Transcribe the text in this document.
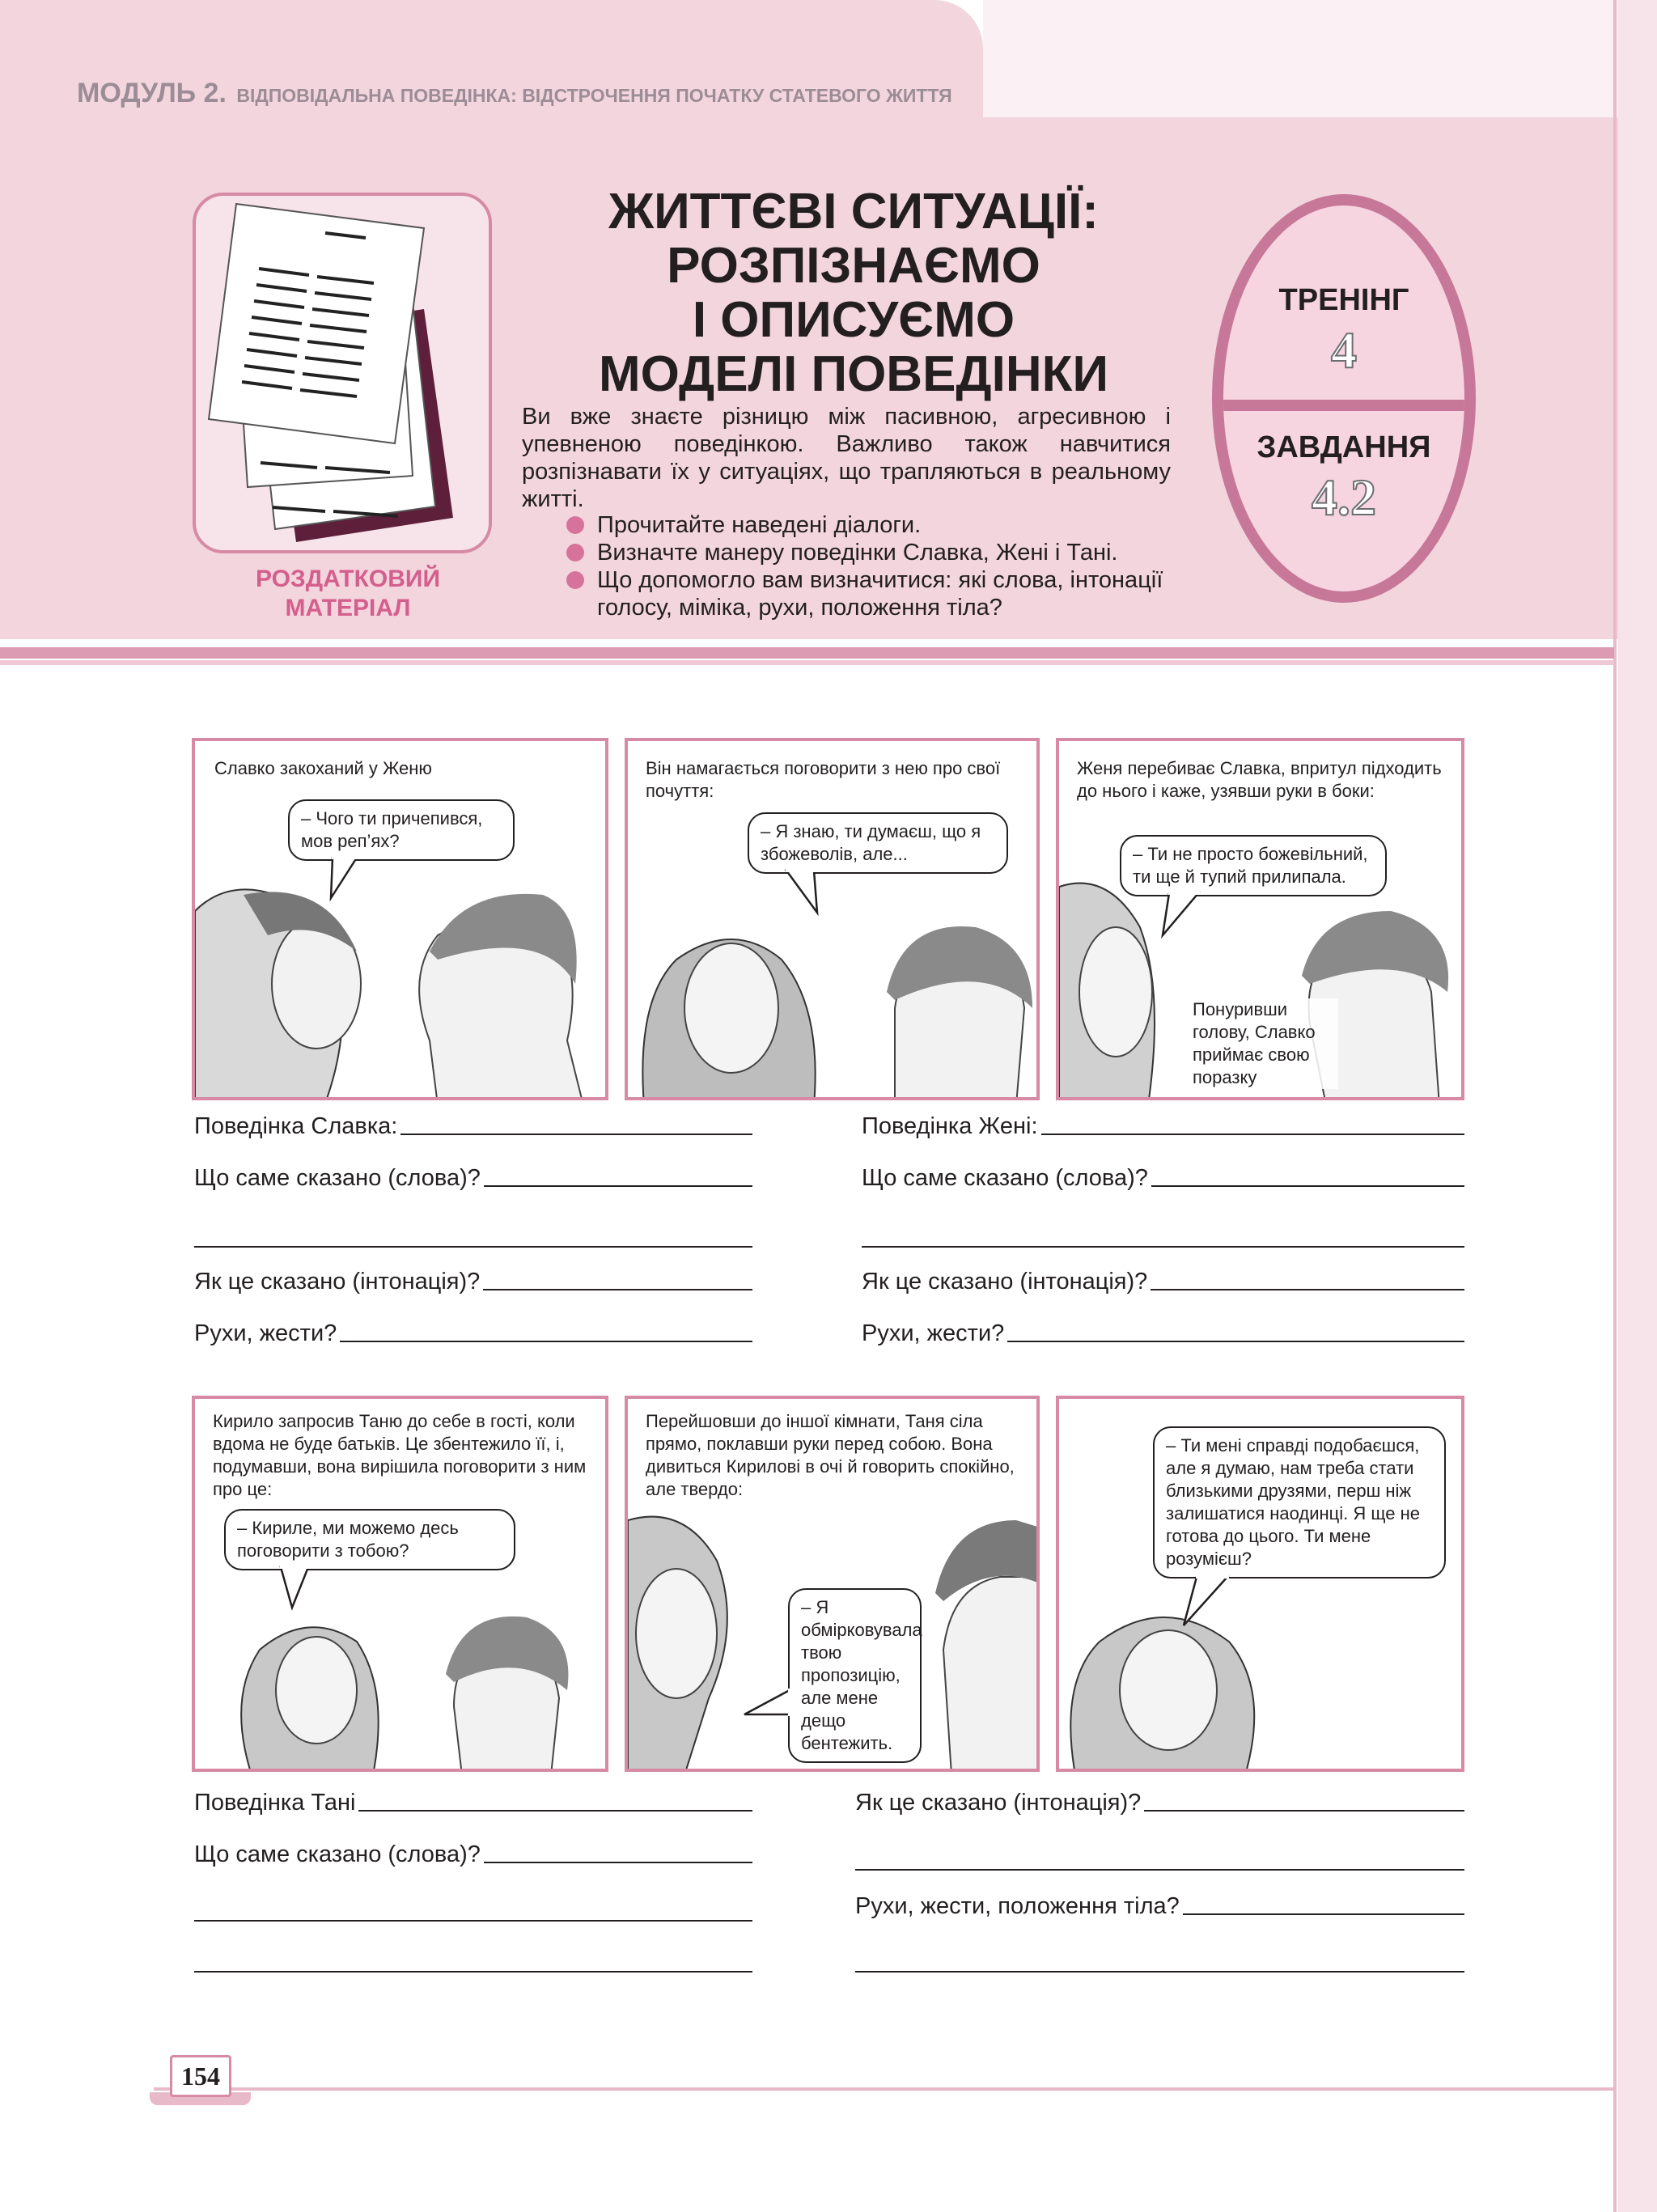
МОДУЛЬ 2. ВІДПОВІДАЛЬНА ПОВЕДІНКА: ВІДСТРОЧЕННЯ ПОЧАТКУ СТАТЕВОГО ЖИТТЯ
РОЗДАТКОВИЙ
МАТЕРІАЛ
ЖИТТЄВІ СИТУАЦІЇ:
РОЗПІЗНАЄМО
І ОПИСУЄМО
МОДЕЛІ ПОВЕДІНКИ
Ви вже знаєте різницю між пасивною, агресивною і упевненою поведінкою. Важливо також навчитися розпізнавати їх у ситуаціях, що трапляються в реальному житті.
Прочитайте наведені діалоги.
Визначте манеру поведінки Славка, Жені і Тані.
Що допомогло вам визначитися: які слова, інтонації голосу, міміка, рухи, положення тіла?
ТРЕНІНГ
4
ЗАВДАННЯ
4.2
Славко закоханий у Женю
– Чого ти причепився, мов реп’ях?
Він намагається поговорити з нею про свої почуття:
– Я знаю, ти думаєш, що я збожеволів, але...
Женя перебиває Славка, впритул підходить до нього і каже, узявши руки в боки:
– Ти не просто божевільний, ти ще й тупий прилипала.
Понуривши голову, Славко приймає свою поразку
Поведінка Славка:
Що саме сказано (слова)?
Як це сказано (інтонація)?
Рухи, жести?
Поведінка Жені:
Що саме сказано (слова)?
Як це сказано (інтонація)?
Рухи, жести?
Кирило запросив Таню до себе в гості, коли вдома не буде батьків. Це збентежило її, і, подумавши, вона вирішила поговорити з ним про це:
– Кириле, ми можемо десь поговорити з тобою?
Перейшовши до іншої кімнати, Таня сіла прямо, поклавши руки перед собою. Вона дивиться Кирилові в очі й говорить спокійно, але твердо:
– Я обмірковувала твою пропозицію, але мене дещо бентежить.
– Ти мені справді подобаєшся, але я думаю, нам треба стати близькими друзями, перш ніж залишатися наодинці. Я ще не готова до цього. Ти мене розумієш?
Поведінка Тані
Що саме сказано (слова)?
Як це сказано (інтонація)?
Рухи, жести, положення тіла?
154
